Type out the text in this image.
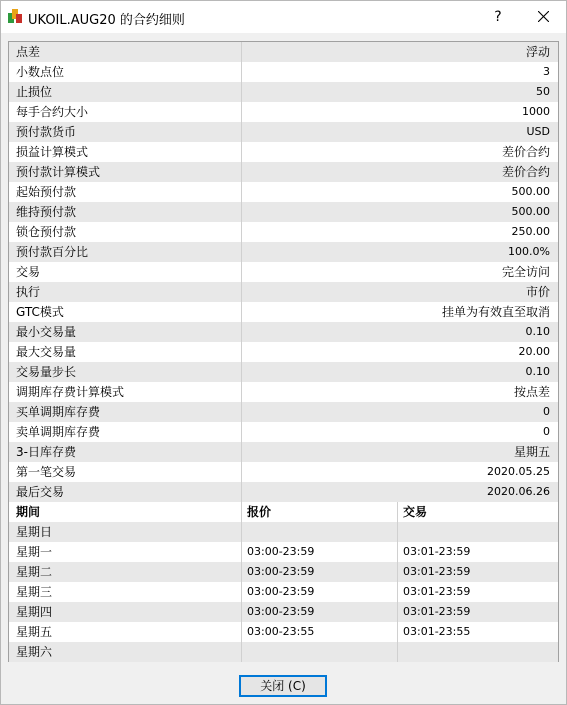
UKOIL.AUG20 的合约细则	?
点差	浮动
小数点位	3
止损位	50
每手合约大小	1000
预付款货币	USD
损益计算模式	差价合约
预付款计算模式	差价合约
起始预付款	500.00
维持预付款	500.00
锁仓预付款	250.00
预付款百分比	100.0%
交易	完全访问
执行	市价
GTC模式	挂单为有效直至取消
最小交易量	0.10
最大交易量	20.00
交易量步长	0.10
调期库存费计算模式	按点差
买单调期库存费	0
卖单调期库存费	0
3-日库存费	星期五
第一笔交易	2020.05.25
最后交易	2020.06.26
期间	报价	交易
星期日
星期一	03:00-23:59	03:01-23:59
星期二	03:00-23:59	03:01-23:59
星期三	03:00-23:59	03:01-23:59
星期四	03:00-23:59	03:01-23:59
星期五	03:00-23:55	03:01-23:55
星期六
关闭 (C)
